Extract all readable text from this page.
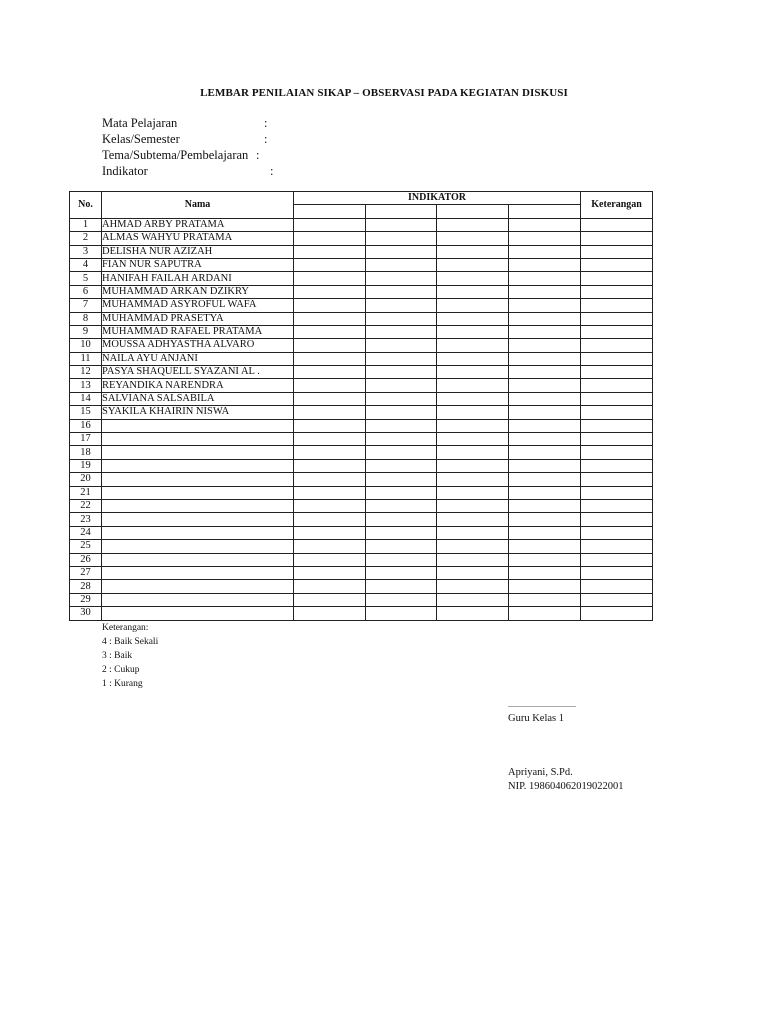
LEMBAR PENILAIAN SIKAP – OBSERVASI PADA KEGIATAN DISKUSI
Mata Pelajaran	:
Kelas/Semester	:
Tema/Subtema/Pembelajaran :
Indikator	:
No.	Nama	INDIKATOR				Keterangan

1	AHMAD ARBY PRATAMA					
2	ALMAS WAHYU PRATAMA					
3	DELISHA NUR AZIZAH					
4	FIAN NUR SAPUTRA					
5	HANIFAH FAILAH ARDANI					
6	MUHAMMAD ARKAN DZIKRY					
7	MUHAMMAD ASYROFUL WAFA					
8	MUHAMMAD PRASETYA					
9	MUHAMMAD RAFAEL PRATAMA					
10	MOUSSA ADHYASTHA ALVARO					
11	NAILA AYU ANJANI					
12	PASYA SHAQUELL SYAZANI AL .					
13	REYANDIKA NARENDRA					
14	SALVIANA SALSABILA					
15	SYAKILA KHAIRIN NISWA					
16						
17						
18						
19						
20						
21						
22						
23						
24						
25						
26						
27						
28						
29						
30						
Keterangan:
4 : Baik Sekali
3 : Baik
2 : Cukup
1 : Kurang
..................................
Guru Kelas 1
Apriyani, S.Pd.
NIP. 198604062019022001
